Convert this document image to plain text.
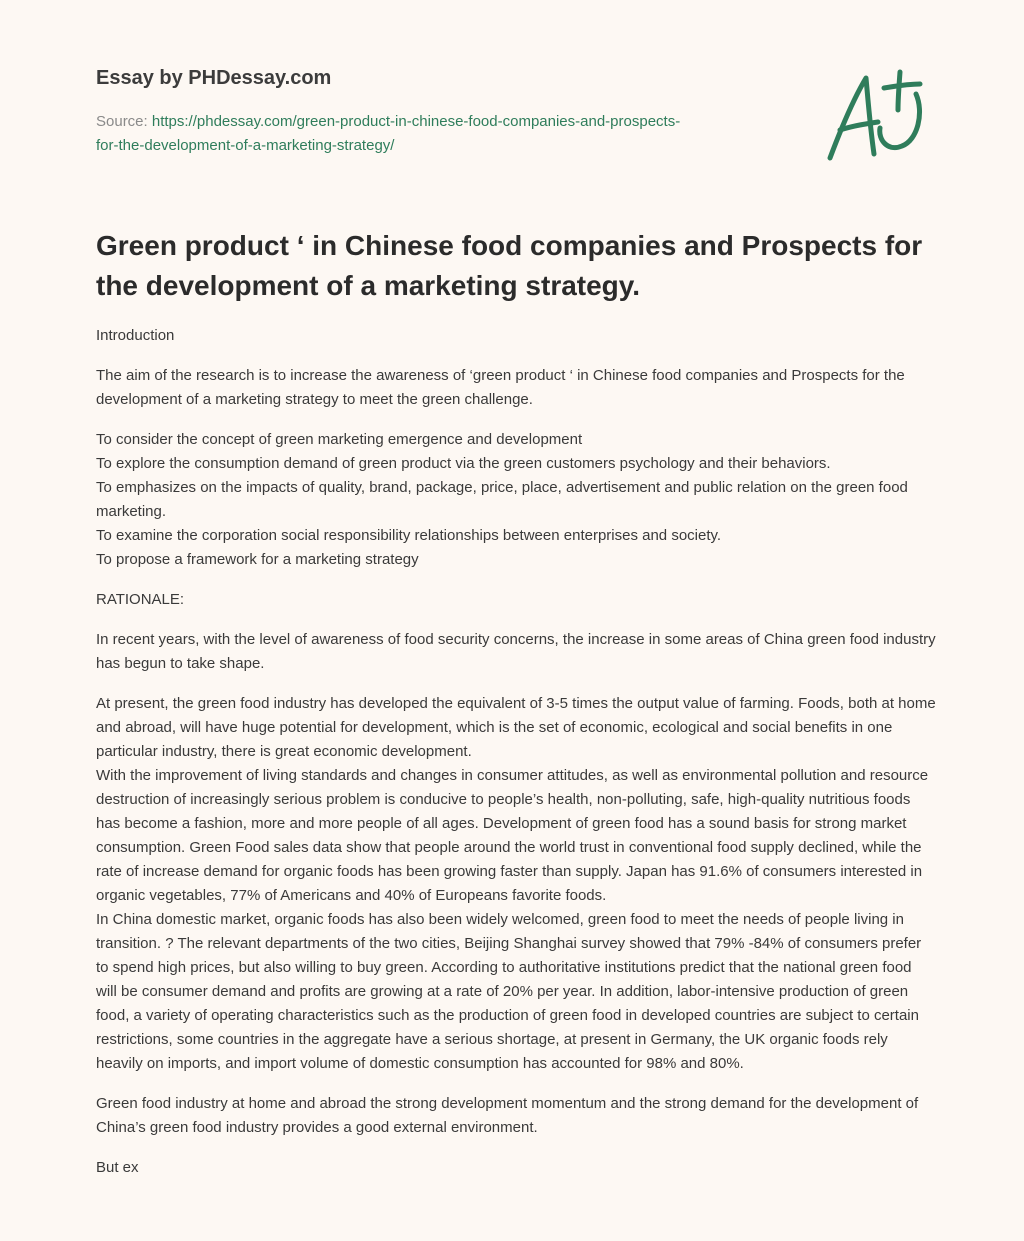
Essay by PHDessay.com
Source: https://phdessay.com/green-product-in-chinese-food-companies-and-prospects-
for-the-development-of-a-marketing-strategy/
Green product ‘ in Chinese food companies and Prospects for the development of a marketing strategy.

Introduction

The aim of the research is to increase the awareness of ‘green product ‘ in Chinese food companies and Prospects for the development of a marketing strategy to meet the green challenge.

To consider the concept of green marketing emergence and development

To explore the consumption demand of green product via the green customers psychology and their behaviors.

To emphasizes on the impacts of quality, brand, package, price, place, advertisement and public relation on the green food marketing.

To examine the corporation social responsibility relationships between enterprises and society.

To propose a framework for a marketing strategy

RATIONALE:

In recent years, with the level of awareness of food security concerns, the increase in some areas of China green food industry has begun to take shape.

At present, the green food industry has developed the equivalent of 3-5 times the output value of farming. Foods, both at home and abroad, will have huge potential for development, which is the set of economic, ecological and social benefits in one particular industry, there is great economic development.

With the improvement of living standards and changes in consumer attitudes, as well as environmental pollution and resource destruction of increasingly serious problem is conducive to people’s health, non-polluting, safe, high-quality nutritious foods has become a fashion, more and more people of all ages. Development of green food has a sound basis for strong market consumption. Green Food sales data show that people around the world trust in conventional food supply declined, while the rate of increase demand for organic foods has been growing faster than supply. Japan has 91.6% of consumers interested in organic vegetables, 77% of Americans and 40% of Europeans favorite foods.

In China domestic market, organic foods has also been widely welcomed, green food to meet the needs of people living in transition. ? The relevant departments of the two cities, Beijing Shanghai survey showed that 79% -84% of consumers prefer to spend high prices, but also willing to buy green. According to authoritative institutions predict that the national green food will be consumer demand and profits are growing at a rate of 20% per year. In addition, labor-intensive production of green food, a variety of operating characteristics such as the production of green food in developed countries are subject to certain restrictions, some countries in the aggregate have a serious shortage, at present in Germany, the UK organic foods rely heavily on imports, and import volume of domestic consumption has accounted for 98% and 80%.

Green food industry at home and abroad the strong development momentum and the strong demand for the development of China’s green food industry provides a good external environment.

But ex
